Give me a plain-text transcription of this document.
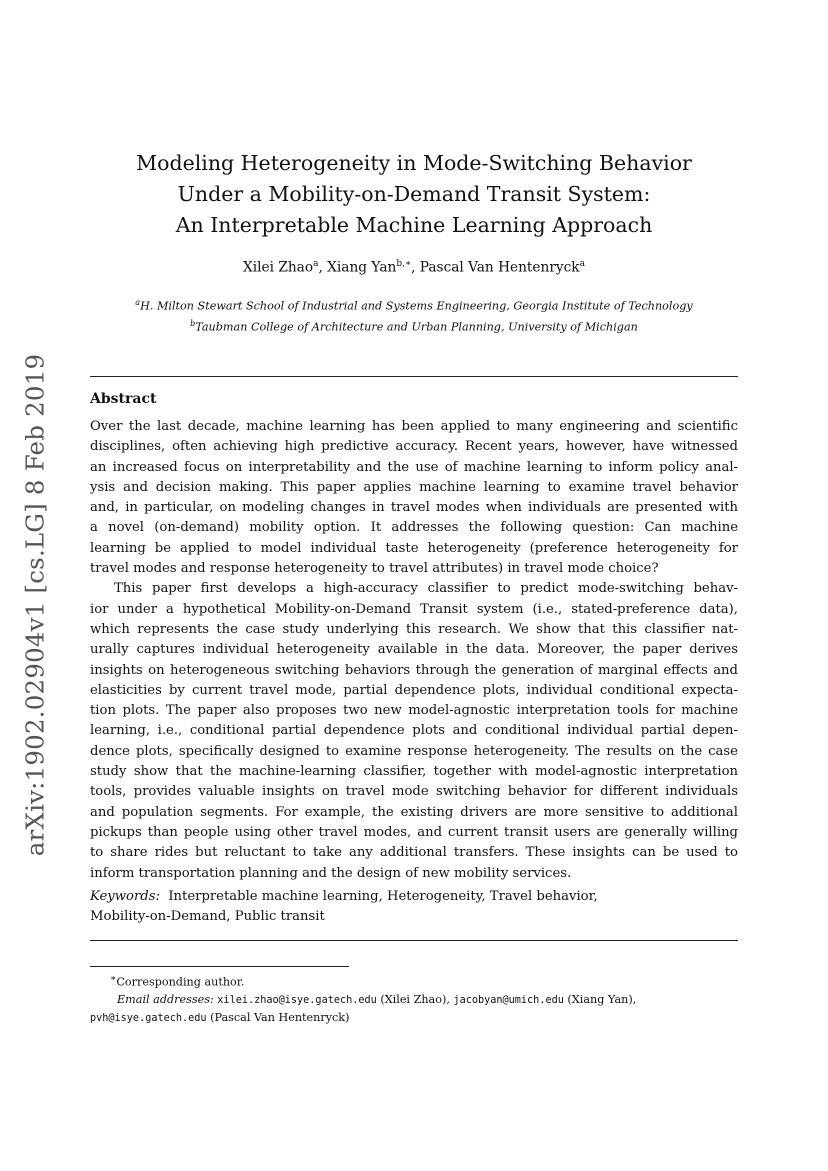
arXiv:1902.02904v1 [cs.LG] 8 Feb 2019
Modeling Heterogeneity in Mode-Switching Behavior
Under a Mobility-on-Demand Transit System:
An Interpretable Machine Learning Approach
Xilei Zhao$^a$, Xiang Yan$^{b,∗}$, Pascal Van Hentenryck$^a$
$^a$H. Milton Stewart School of Industrial and Systems Engineering, Georgia Institute of Technology
$^b$Taubman College of Architecture and Urban Planning, University of Michigan
Abstract
Over the last decade, machine learning has been applied to many engineering and scientific
disciplines, often achieving high predictive accuracy. Recent years, however, have witnessed
an increased focus on interpretability and the use of machine learning to inform policy anal-
ysis and decision making. This paper applies machine learning to examine travel behavior
and, in particular, on modeling changes in travel modes when individuals are presented with
a novel (on-demand) mobility option. It addresses the following question: Can machine
learning be applied to model individual taste heterogeneity (preference heterogeneity for
travel modes and response heterogeneity to travel attributes) in travel mode choice?
This paper first develops a high-accuracy classifier to predict mode-switching behav-
ior under a hypothetical Mobility-on-Demand Transit system (i.e., stated-preference data),
which represents the case study underlying this research. We show that this classifier nat-
urally captures individual heterogeneity available in the data. Moreover, the paper derives
insights on heterogeneous switching behaviors through the generation of marginal effects and
elasticities by current travel mode, partial dependence plots, individual conditional expecta-
tion plots. The paper also proposes two new model-agnostic interpretation tools for machine
learning, i.e., conditional partial dependence plots and conditional individual partial depen-
dence plots, specifically designed to examine response heterogeneity. The results on the case
study show that the machine-learning classifier, together with model-agnostic interpretation
tools, provides valuable insights on travel mode switching behavior for different individuals
and population segments. For example, the existing drivers are more sensitive to additional
pickups than people using other travel modes, and current transit users are generally willing
to share rides but reluctant to take any additional transfers. These insights can be used to
inform transportation planning and the design of new mobility services.
Keywords: Interpretable machine learning, Heterogeneity, Travel behavior,
Mobility-on-Demand, Public transit
∗Corresponding author.
Email addresses: xilei.zhao@isye.gatech.edu (Xilei Zhao), jacobyan@umich.edu (Xiang Yan),
pvh@isye.gatech.edu (Pascal Van Hentenryck)
